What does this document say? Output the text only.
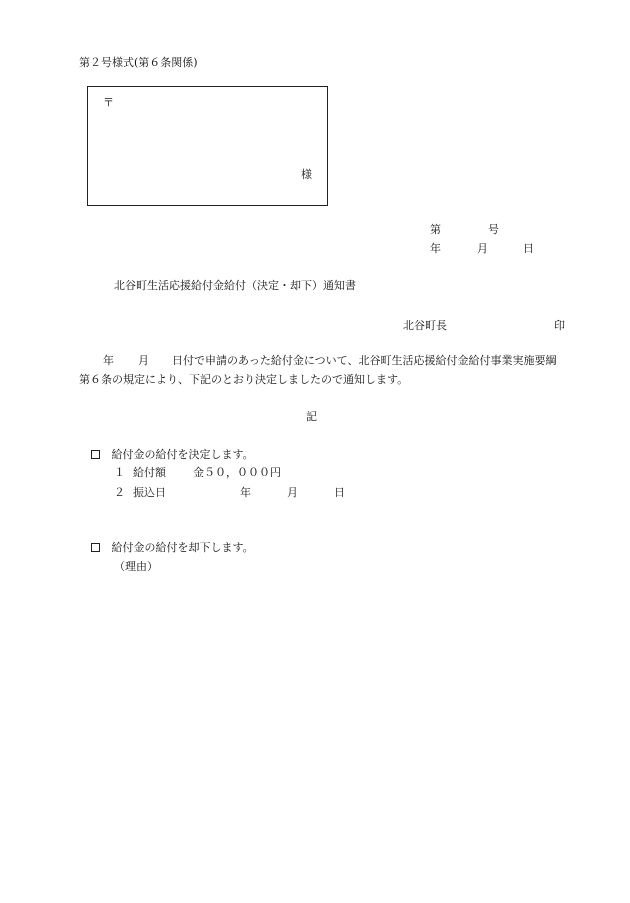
第２号様式(第６条関係)
〒
様
第	号
年	月	日
北谷町生活応援給付金給付（決定・却下）通知書
北谷町長	印
年 月 日付で申請のあった給付金について、北谷町生活応援給付金給付事業実施要綱
第６条の規定により、下記のとおり決定しましたので通知します。
記
給付金の給付を決定します。
１ 給付額 金５０，０００円
２ 振込日	年	月	日
給付金の給付を却下します。
（理由）
